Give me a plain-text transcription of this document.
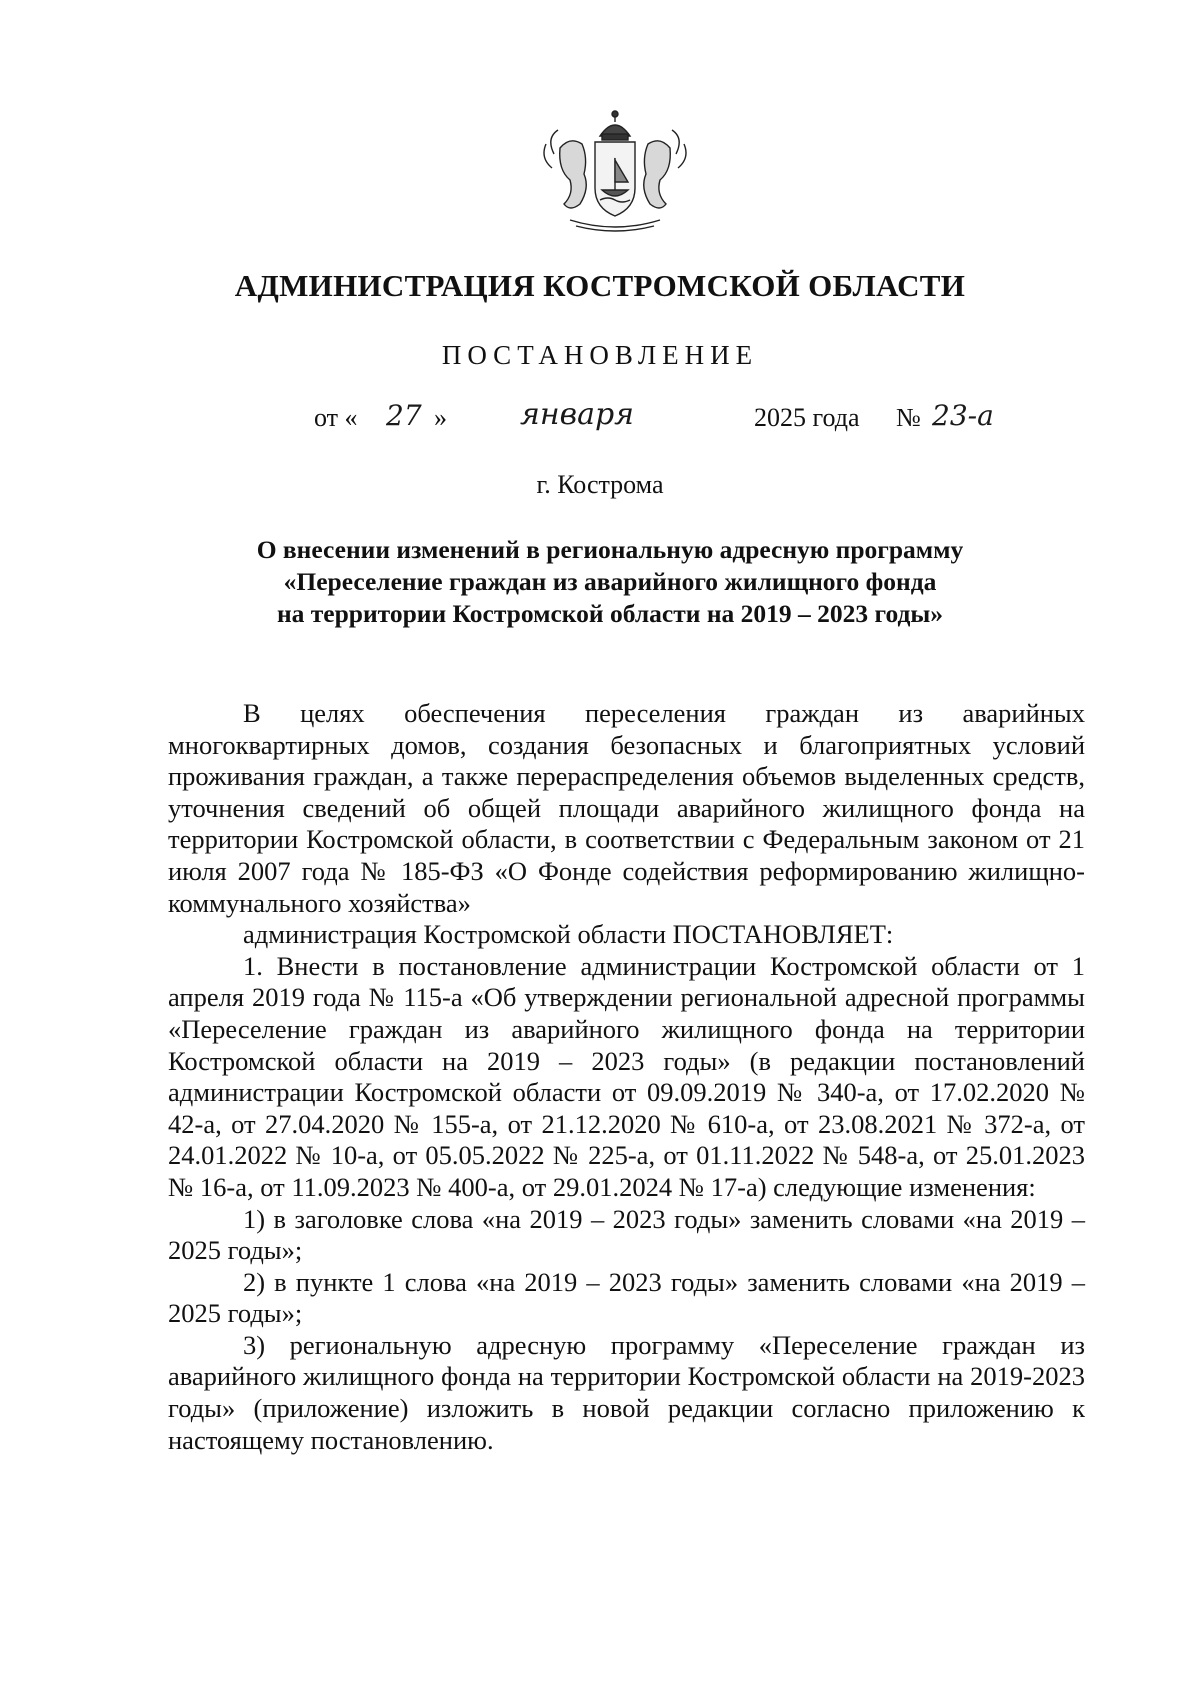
АДМИНИСТРАЦИЯ КОСТРОМСКОЙ ОБЛАСТИ
ПОСТАНОВЛЕНИЕ
от « 27 » января	2025 года № 23-а
г. Кострома
О внесении изменений в региональную адресную программу
«Переселение граждан из аварийного жилищного фонда
на территории Костромской области на 2019 – 2023 годы»

В целях обеспечения переселения граждан из аварийных многоквартирных домов, создания безопасных и благоприятных условий проживания граждан, а также перераспределения объемов выделенных средств, уточнения сведений об общей площади аварийного жилищного фонда на территории Костромской области, в соответствии с Федеральным законом от 21 июля 2007 года № 185-ФЗ «О Фонде содействия реформированию жилищно-коммунального хозяйства»

администрация Костромской области ПОСТАНОВЛЯЕТ:

1. Внести в постановление администрации Костромской области от 1 апреля 2019 года № 115-а «Об утверждении региональной адресной программы «Переселение граждан из аварийного жилищного фонда на территории Костромской области на 2019 – 2023 годы» (в редакции постановлений администрации Костромской области от 09.09.2019 № 340-а, от 17.02.2020 № 42-а, от 27.04.2020 № 155-а, от 21.12.2020 № 610-а, от 23.08.2021 № 372-а, от 24.01.2022 № 10-а, от 05.05.2022 № 225-а, от 01.11.2022 № 548-а, от 25.01.2023 № 16-а, от 11.09.2023 № 400-а, от 29.01.2024 № 17-а) следующие изменения:

1) в заголовке слова «на 2019 – 2023 годы» заменить словами «на 2019 – 2025 годы»;

2) в пункте 1 слова «на 2019 – 2023 годы» заменить словами «на 2019 – 2025 годы»;

3) региональную адресную программу «Переселение граждан из аварийного жилищного фонда на территории Костромской области на 2019-2023 годы» (приложение) изложить в новой редакции согласно приложению к настоящему постановлению.
